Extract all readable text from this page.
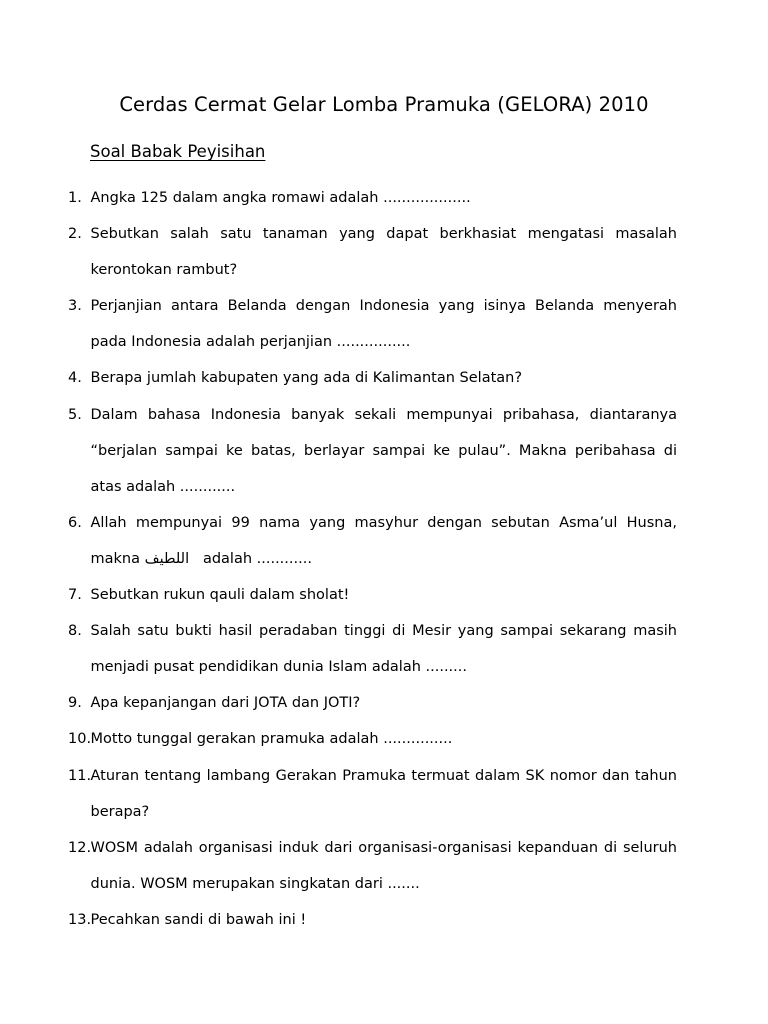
Cerdas Cermat Gelar Lomba Pramuka (GELORA) 2010
Soal Babak Peyisihan
1. Angka 125 dalam angka romawi adalah ...................
2. Sebutkan salah satu tanaman yang dapat berkhasiat mengatasi masalah kerontokan rambut?
3. Perjanjian antara Belanda dengan Indonesia yang isinya Belanda menyerah pada Indonesia adalah perjanjian ................
4. Berapa jumlah kabupaten yang ada di Kalimantan Selatan?
5. Dalam bahasa Indonesia banyak sekali mempunyai pribahasa, diantaranya “berjalan sampai ke batas, berlayar sampai ke pulau”. Makna peribahasa di atas adalah ............
6. Allah mempunyai 99 nama yang masyhur dengan sebutan Asma’ul Husna, makna اللطيف adalah ............
7. Sebutkan rukun qauli dalam sholat!
8. Salah satu bukti hasil peradaban tinggi di Mesir yang sampai sekarang masih menjadi pusat pendidikan dunia Islam adalah .........
9. Apa kepanjangan dari JOTA dan JOTI?
10. Motto tunggal gerakan pramuka adalah ...............
11. Aturan tentang lambang Gerakan Pramuka termuat dalam SK nomor dan tahun berapa?
12. WOSM adalah organisasi induk dari organisasi-organisasi kepanduan di seluruh dunia. WOSM merupakan singkatan dari .......
13. Pecahkan sandi di bawah ini !
